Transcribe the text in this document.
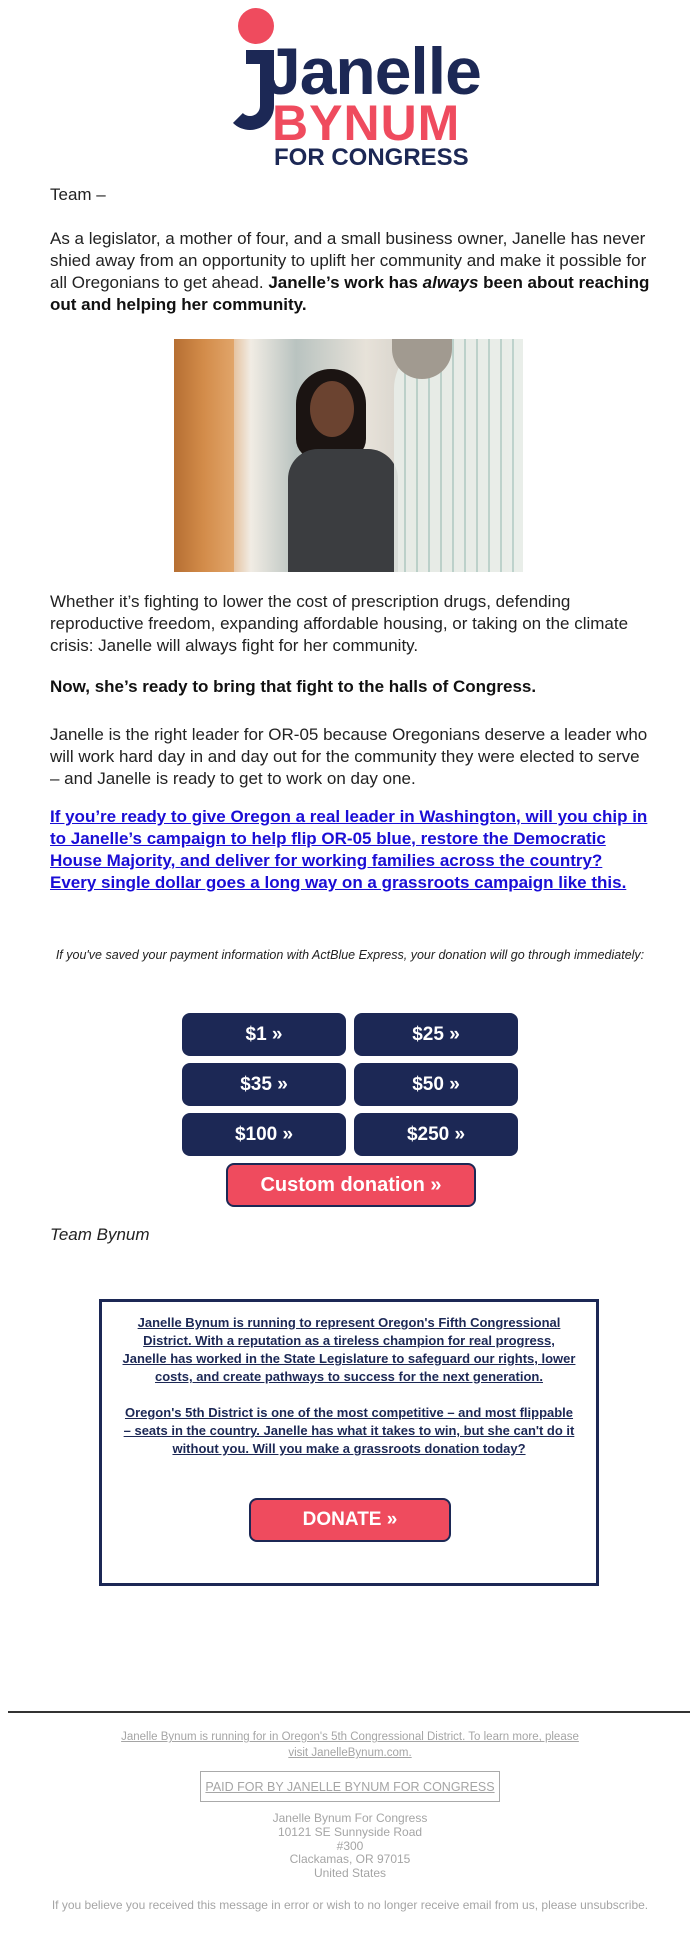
Janelle
BYNUM
FOR CONGRESS
Team –
As a legislator, a mother of four, and a small business owner, Janelle has never shied away from an opportunity to uplift her community and make it possible for all Oregonians to get ahead. Janelle’s work has always been about reaching out and helping her community.
Whether it’s fighting to lower the cost of prescription drugs, defending reproductive freedom, expanding affordable housing, or taking on the climate crisis: Janelle will always fight for her community.
Now, she’s ready to bring that fight to the halls of Congress.
Janelle is the right leader for OR-05 because Oregonians deserve a leader who will work hard day in and day out for the community they were elected to serve – and Janelle is ready to get to work on day one.
If you’re ready to give Oregon a real leader in Washington, will you chip in to Janelle’s campaign to help flip OR-05 blue, restore the Democratic House Majority, and deliver for working families across the country? Every single dollar goes a long way on a grassroots campaign like this.
If you've saved your payment information with ActBlue Express, your donation will go through immediately:
$1 »	$25 »
$35 »	$50 »
$100 »	$250 »
Custom donation »
Team Bynum

Janelle Bynum is running to represent Oregon's Fifth Congressional District. With a reputation as a tireless champion for real progress, Janelle has worked in the State Legislature to safeguard our rights, lower costs, and create pathways to success for the next generation.

Oregon's 5th District is one of the most competitive – and most flippable – seats in the country. Janelle has what it takes to win, but she can't do it without you. Will you make a grassroots donation today?

DONATE »
Janelle Bynum is running for in Oregon's 5th Congressional District. To learn more, please visit JanelleBynum.com.
PAID FOR BY JANELLE BYNUM FOR CONGRESS
Janelle Bynum For Congress
10121 SE Sunnyside Road
#300
Clackamas, OR 97015
United States
If you believe you received this message in error or wish to no longer receive email from us, please unsubscribe.
